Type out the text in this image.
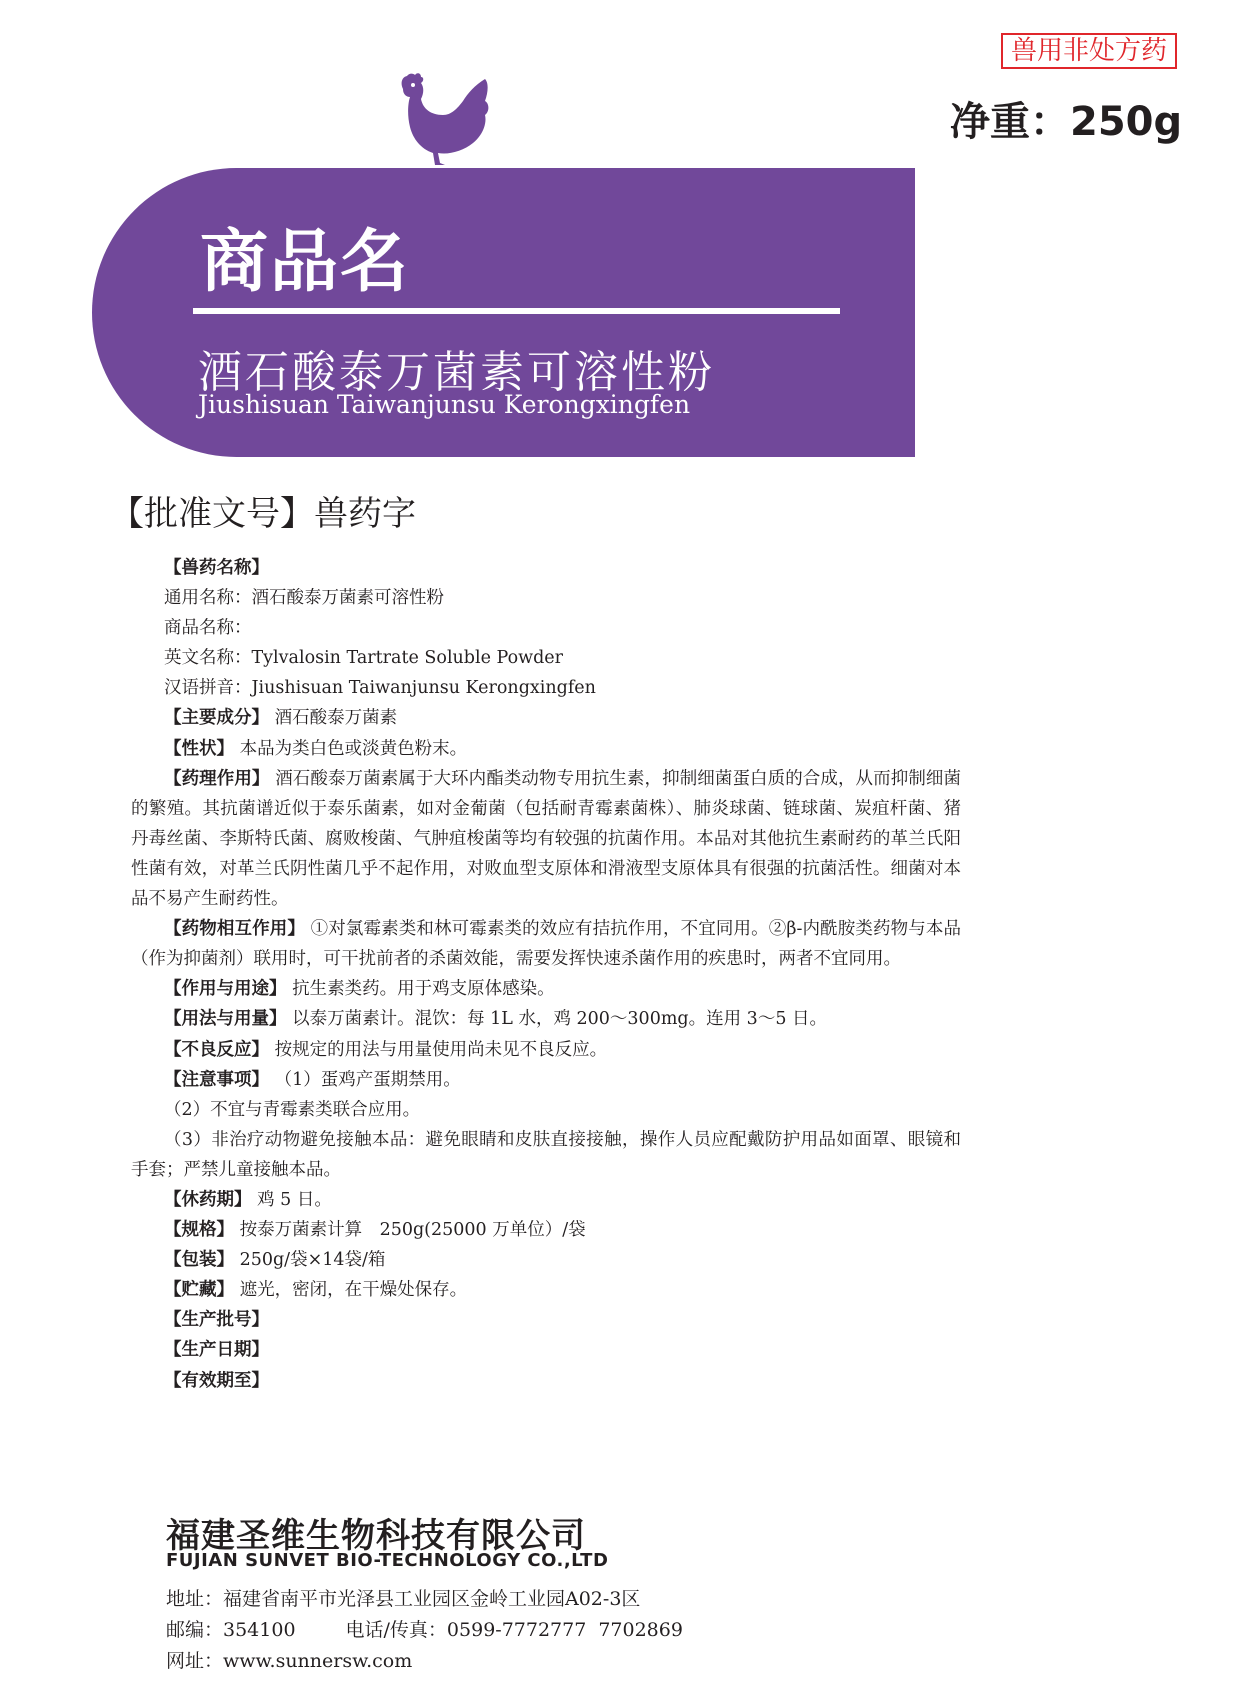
兽用非处方药
净重：250g
商品名
酒石酸泰万菌素可溶性粉
Jiushisuan Taiwanjunsu Kerongxingfen
【批准文号】兽药字

【兽药名称】

通用名称：酒石酸泰万菌素可溶性粉

商品名称：

英文名称：Tylvalosin Tartrate Soluble Powder

汉语拼音：Jiushisuan Taiwanjunsu Kerongxingfen

【主要成分】 酒石酸泰万菌素

【性状】 本品为类白色或淡黄色粉末。

【药理作用】 酒石酸泰万菌素属于大环内酯类动物专用抗生素，抑制细菌蛋白质的合成，从而抑制细菌的繁殖。其抗菌谱近似于泰乐菌素，如对金葡菌（包括耐青霉素菌株）、肺炎球菌、链球菌、炭疽杆菌、猪丹毒丝菌、李斯特氏菌、腐败梭菌、气肿疽梭菌等均有较强的抗菌作用。本品对其他抗生素耐药的革兰氏阳性菌有效，对革兰氏阴性菌几乎不起作用，对败血型支原体和滑液型支原体具有很强的抗菌活性。细菌对本品不易产生耐药性。

【药物相互作用】 ①对氯霉素类和林可霉素类的效应有拮抗作用，不宜同用。②β-内酰胺类药物与本品（作为抑菌剂）联用时，可干扰前者的杀菌效能，需要发挥快速杀菌作用的疾患时，两者不宜同用。

【作用与用途】 抗生素类药。用于鸡支原体感染。

【用法与用量】 以泰万菌素计。混饮：每 1L 水，鸡 200～300mg。连用 3～5 日。

【不良反应】 按规定的用法与用量使用尚未见不良反应。

【注意事项】 （1）蛋鸡产蛋期禁用。

（2）不宜与青霉素类联合应用。

（3）非治疗动物避免接触本品：避免眼睛和皮肤直接接触，操作人员应配戴防护用品如面罩、眼镜和手套；严禁儿童接触本品。

【休药期】 鸡 5 日。

【规格】 按泰万菌素计算　250g(25000 万单位）/袋

【包装】 250g/袋×14袋/箱

【贮藏】 遮光，密闭，在干燥处保存。

【生产批号】

【生产日期】

【有效期至】

福建圣维生物科技有限公司
FUJIAN SUNVET BIO-TECHNOLOGY CO.,LTD

地址：福建省南平市光泽县工业园区金岭工业园A02-3区

邮编：354100	电话/传真：0599-7772777 7702869

网址：www.sunnersw.com
